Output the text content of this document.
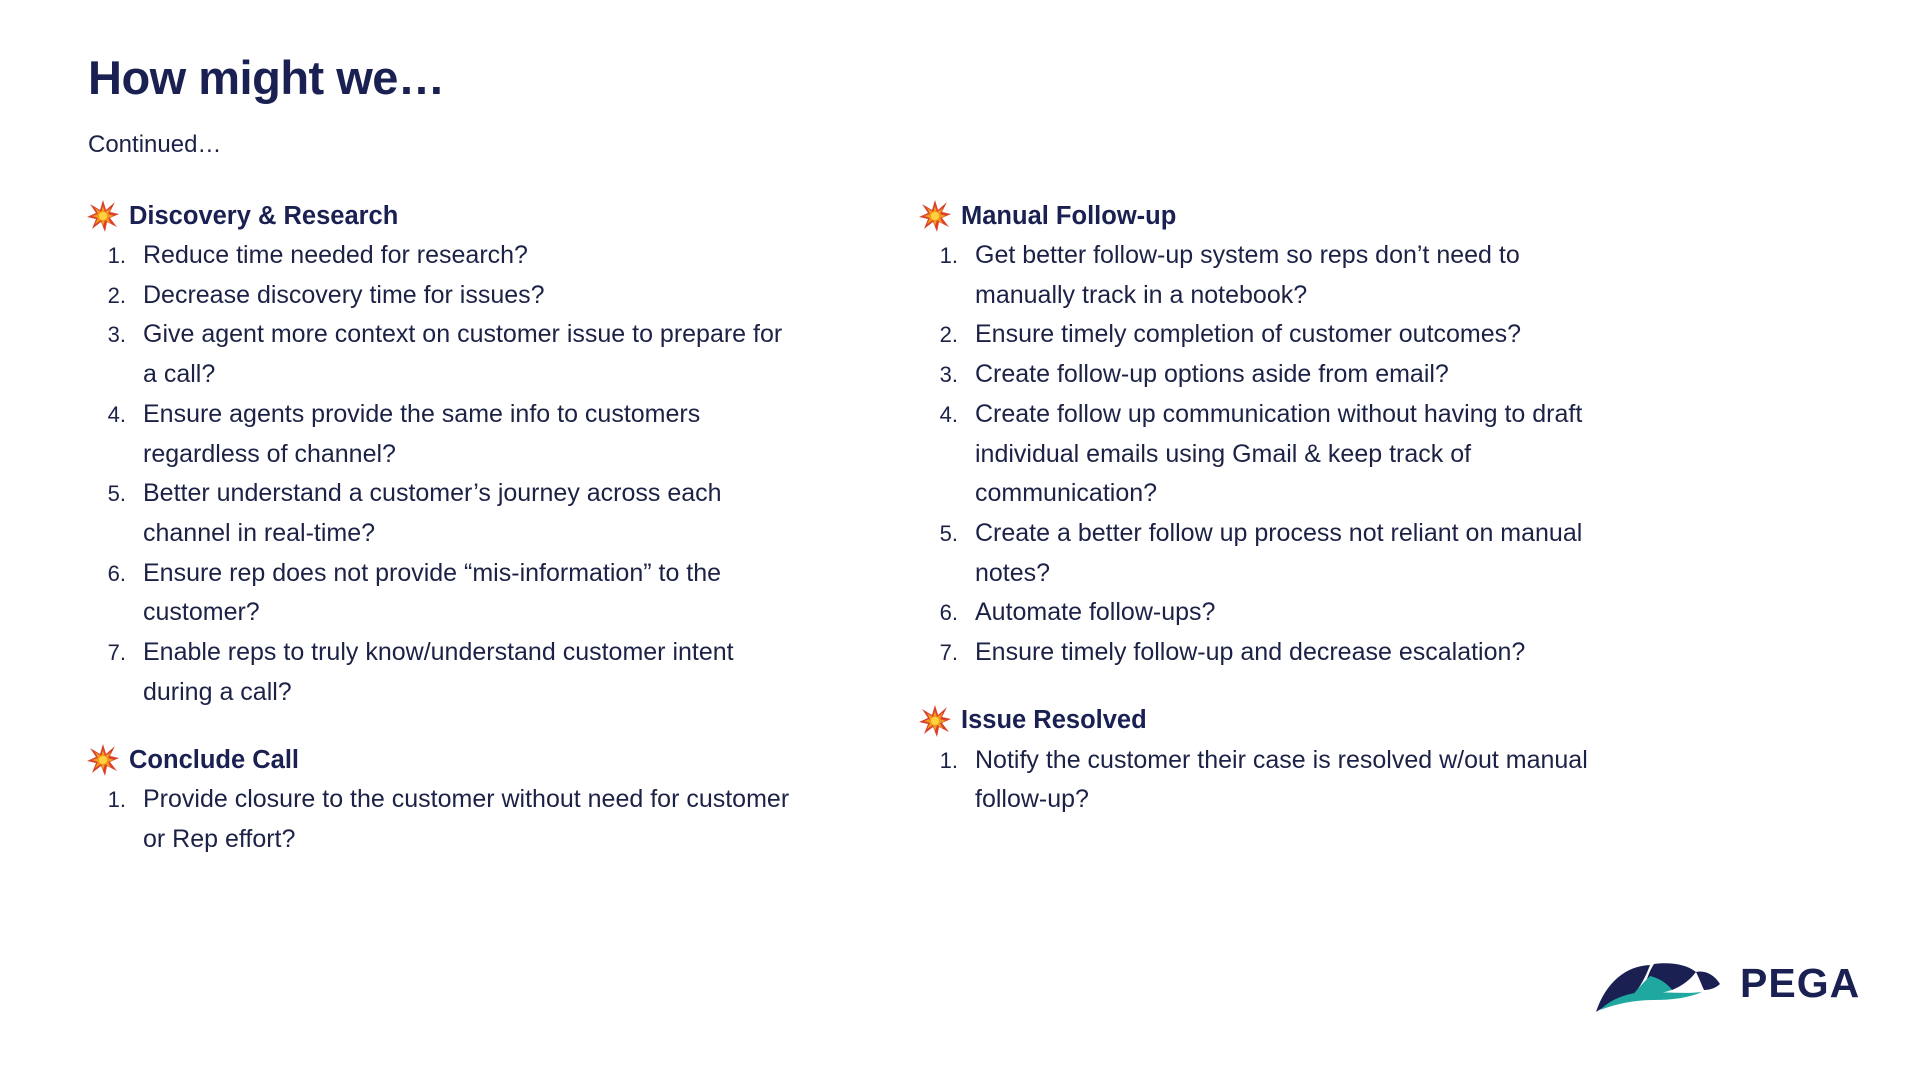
How might we…
Continued…
Discovery & Research
1. Reduce time needed for research?
2. Decrease discovery time for issues?
3. Give agent more context on customer issue to prepare for a call?
4. Ensure agents provide the same info to customers regardless of channel?
5. Better understand a customer’s journey across each channel in real-time?
6. Ensure rep does not provide “mis-information” to the customer?
7. Enable reps to truly know/understand customer intent during a call?
Conclude Call
1. Provide closure to the customer without need for customer or Rep effort?
Manual Follow-up
1. Get better follow-up system so reps don’t need to manually track in a notebook?
2. Ensure timely completion of customer outcomes?
3. Create follow-up options aside from email?
4. Create follow up communication without having to draft individual emails using Gmail & keep track of communication?
5. Create a better follow up process not reliant on manual notes?
6. Automate follow-ups?
7. Ensure timely follow-up and decrease escalation?
Issue Resolved
1. Notify the customer their case is resolved w/out manual follow-up?
PEGA
